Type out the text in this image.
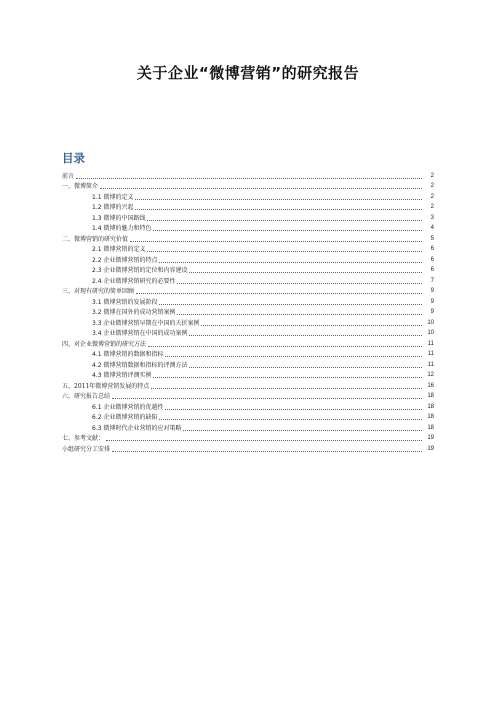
关于企业“微博营销”的研究报告
目录
前言	2
一、微博简介	2
1.1 微博的定义	2
1.2 微博的兴起	2
1.3 微博的中国路线	3
1.4 微博的魅力和特色	4
二、微博营销的研究价值	5
2.1 微博营销的定义	6
2.2 企业微博营销的特点	6
2.3 企业微博营销的定位和内容建设	6
2.4 企业微博营销研究的必要性	7
三、对现有研究的简单回顾	9
3.1 微博营销的发展阶段	9
3.2 微博在国外的成功营销案例	9
3.3 企业微博营销早期在中国的夭折案例	10
3.4 企业微博营销在中国的成功案例	10
四、对企业微博营销的研究方法	11
4.1 微博营销的数据和指标	11
4.2 微博营销数据和指标的评测方法	11
4.3 微博营销评测实例	12
五、2011年微博营销发展的特点	16
六、研究报告总结	18
6.1 企业微博营销的优越性	18
6.2 企业微博营销的缺陷	18
6.3 微博时代企业营销的应对策略	18
七、参考文献：	19
小组研究分工安排	19
